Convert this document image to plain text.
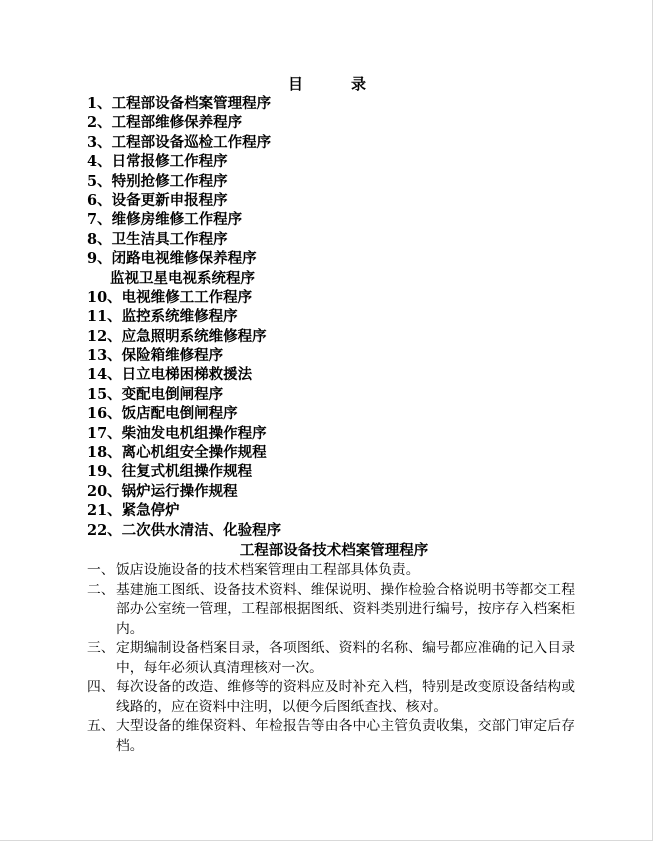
目	录
1、工程部设备档案管理程序
2、工程部维修保养程序
3、工程部设备巡检工作程序
4、日常报修工作程序
5、特别抢修工作程序
6、设备更新申报程序
7、维修房维修工作程序
8、卫生洁具工作程序
9、闭路电视维修保养程序
监视卫星电视系统程序
10、电视维修工工作程序
11、监控系统维修程序
12、应急照明系统维修程序
13、保险箱维修程序
14、日立电梯困梯救援法
15、变配电倒闸程序
16、饭店配电倒闸程序
17、柴油发电机组操作程序
18、离心机组安全操作规程
19、往复式机组操作规程
20、锅炉运行操作规程
21、紧急停炉
22、二次供水清洁、化验程序
工程部设备技术档案管理程序
一、 饭店设施设备的技术档案管理由工程部具体负责。
二、 基建施工图纸、设备技术资料、维保说明、操作检验合格说明书等都交工程部办公室统一管理，工程部根据图纸、资料类别进行编号，按序存入档案柜内。
三、 定期编制设备档案目录，各项图纸、资料的名称、编号都应准确的记入目录中，每年必须认真清理核对一次。
四、 每次设备的改造、维修等的资料应及时补充入档，特别是改变原设备结构或线路的，应在资料中注明，以便今后图纸查找、核对。
五、 大型设备的维保资料、年检报告等由各中心主管负责收集，交部门审定后存档。
